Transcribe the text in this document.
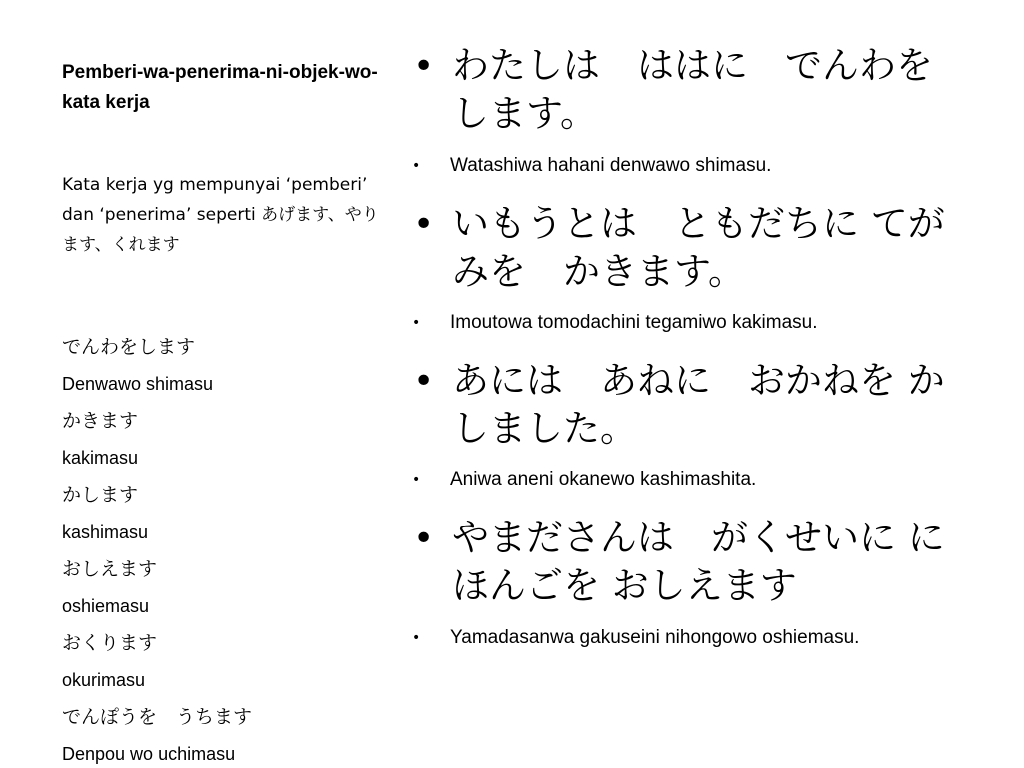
Pemberi-wa-penerima-ni-objek-wo-kata kerja

Kata kerja yg mempunyai ‘pemberi’ dan ‘penerima’ seperti あげます、やります、くれます

でんわをします
Denwawo shimasu
かきます
kakimasu
かします
kashimasu
おしえます
oshiemasu
おくります
okurimasu
でんぽうを　うちます
Denpou wo uchimasu
• わたしは　ははに　でんわを します。
• Watashiwa hahani denwawo shimasu.
• いもうとは　ともだちに てがみを　かきます。
• Imoutowa tomodachini tegamiwo kakimasu.
• あには　あねに　おかねを かしました。
• Aniwa aneni okanewo kashimashita.
• やまださんは　がくせいに にほんごを おしえます
• Yamadasanwa gakuseini nihongowo oshiemasu.
